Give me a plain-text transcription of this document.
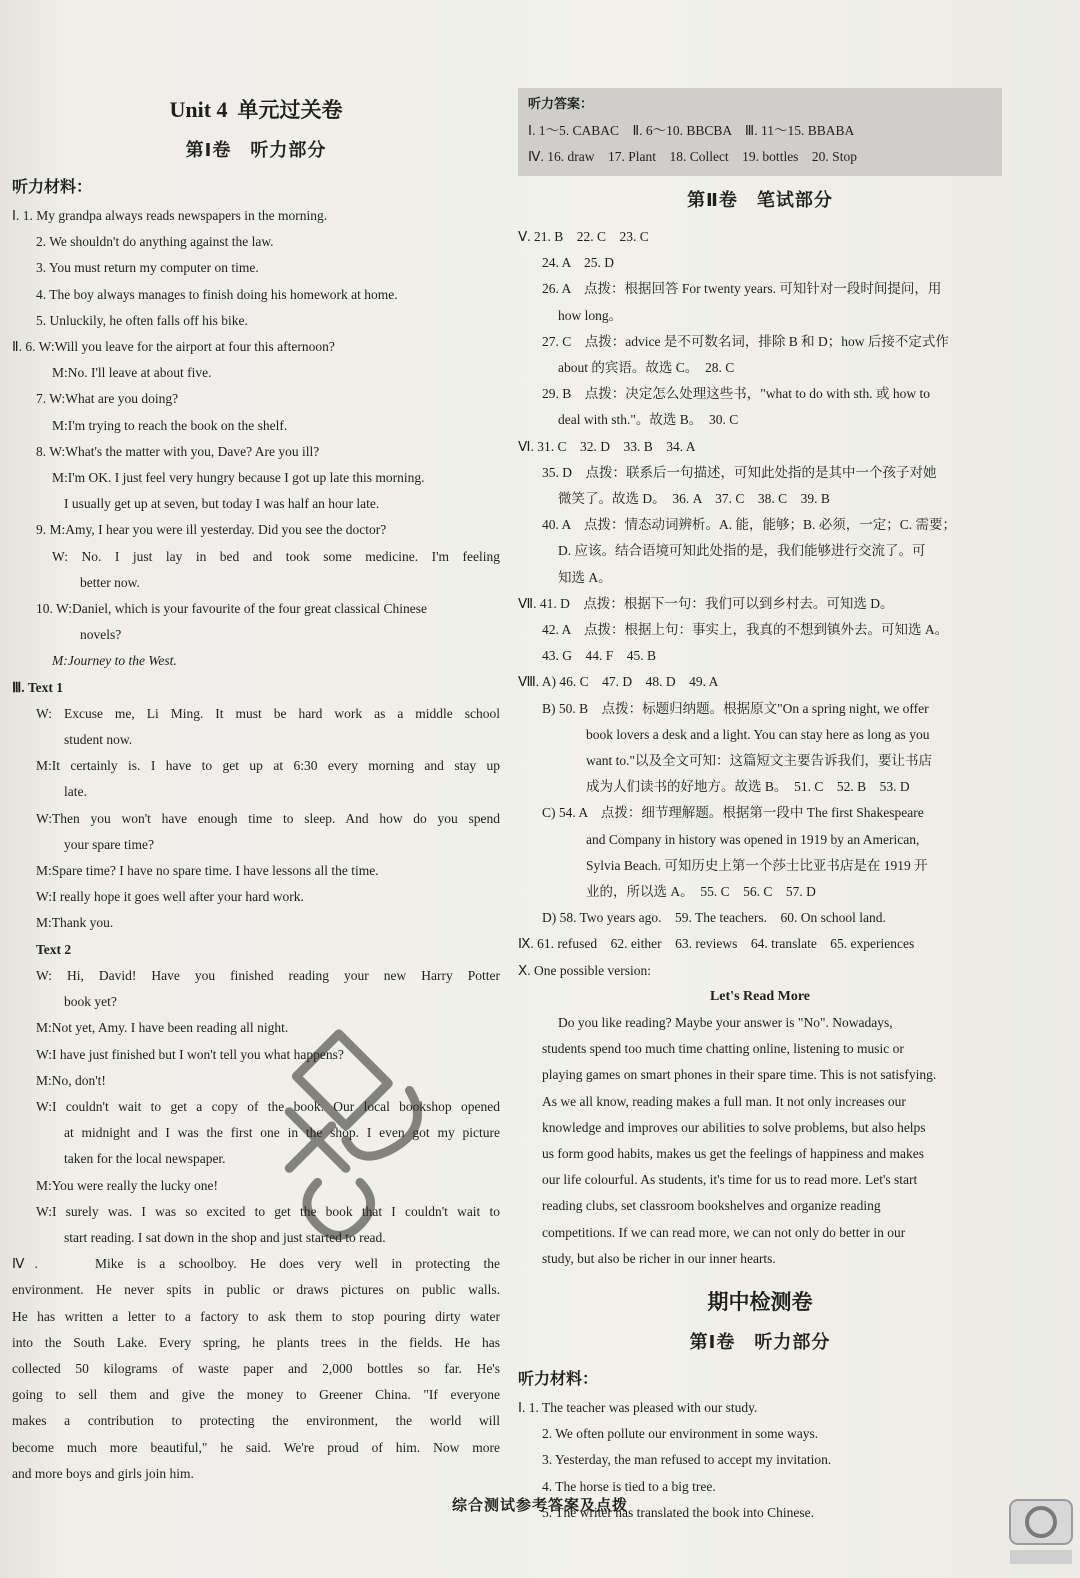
Unit 4 单元过关卷
第Ⅰ卷　听力部分
听力材料：
Ⅰ. 1. My grandpa always reads newspapers in the morning.
2. We shouldn't do anything against the law.
3. You must return my computer on time.
4. The boy always manages to finish doing his homework at home.
5. Unluckily, he often falls off his bike.
Ⅱ. 6. W:Will you leave for the airport at four this afternoon?
M:No. I'll leave at about five.
7. W:What are you doing?
M:I'm trying to reach the book on the shelf.
8. W:What's the matter with you, Dave? Are you ill?
M:I'm OK. I just feel very hungry because I got up late this morning.
I usually get up at seven, but today I was half an hour late.
9. M:Amy, I hear you were ill yesterday. Did you see the doctor?
W: No. I just lay in bed and took some medicine. I'm feeling
better now.
10. W:Daniel, which is your favourite of the four great classical Chinese
novels?
M:Journey to the West.
Ⅲ. Text 1
W: Excuse me, Li Ming. It must be hard work as a middle school
student now.
M:It certainly is. I have to get up at 6:30 every morning and stay up
late.
W:Then you won't have enough time to sleep. And how do you spend
your spare time?
M:Spare time? I have no spare time. I have lessons all the time.
W:I really hope it goes well after your hard work.
M:Thank you.
Text 2
W: Hi, David! Have you finished reading your new Harry Potter
book yet?
M:Not yet, Amy. I have been reading all night.
W:I have just finished but I won't tell you what happens?
M:No, don't!
W:I couldn't wait to get a copy of the book. Our local bookshop opened
at midnight and I was the first one in the shop. I even got my picture
taken for the local newspaper.
M:You were really the lucky one!
W:I surely was. I was so excited to get the book that I couldn't wait to
start reading. I sat down in the shop and just started to read.
Ⅳ.　　Mike is a schoolboy. He does very well in protecting the
environment. He never spits in public or draws pictures on public walls.
He has written a letter to a factory to ask them to stop pouring dirty water
into the South Lake. Every spring, he plants trees in the fields. He has
collected 50 kilograms of waste paper and 2,000 bottles so far. He's
going to sell them and give the money to Greener China. "If everyone
makes a contribution to protecting the environment, the world will
become much more beautiful," he said. We're proud of him. Now more
and more boys and girls join him.
听力答案：
Ⅰ. 1～5. CABAC　Ⅱ. 6～10. BBCBA　Ⅲ. 11～15. BBABA
Ⅳ. 16. draw　17. Plant　18. Collect　19. bottles　20. Stop
第Ⅱ卷　笔试部分
Ⅴ. 21. B　22. C　23. C
24. A　25. D
26. A　点拨：根据回答 For twenty years. 可知针对一段时间提问，用
how long。
27. C　点拨：advice 是不可数名词，排除 B 和 D；how 后接不定式作
about 的宾语。故选 C。　28. C
29. B　点拨：决定怎么处理这些书，"what to do with sth. 或 how to
deal with sth."。故选 B。　30. C
Ⅵ. 31. C　32. D　33. B　34. A
35. D　点拨：联系后一句描述，可知此处指的是其中一个孩子对她
微笑了。故选 D。　36. A　37. C　38. C　39. B
40. A　点拨：情态动词辨析。A. 能，能够；B. 必须，一定；C. 需要；
D. 应该。结合语境可知此处指的是，我们能够进行交流了。可
知选 A。
Ⅶ. 41. D　点拨：根据下一句：我们可以到乡村去。可知选 D。
42. A　点拨：根据上句：事实上，我真的不想到镇外去。可知选 A。
43. G　44. F　45. B
Ⅷ. A) 46. C　47. D　48. D　49. A
B) 50. B　点拨：标题归纳题。根据原文"On a spring night, we offer
book lovers a desk and a light. You can stay here as long as you
want to."以及全文可知：这篇短文主要告诉我们，要让书店
成为人们读书的好地方。故选 B。　51. C　52. B　53. D
C) 54. A　点拨：细节理解题。根据第一段中 The first Shakespeare
and Company in history was opened in 1919 by an American,
Sylvia Beach. 可知历史上第一个莎士比亚书店是在 1919 开
业的，所以选 A。　55. C　56. C　57. D
D) 58. Two years ago.　59. The teachers.　60. On school land.
Ⅸ. 61. refused　62. either　63. reviews　64. translate　65. experiences
Ⅹ. One possible version:
Let's Read More
Do you like reading? Maybe your answer is "No". Nowadays,
students spend too much time chatting online, listening to music or
playing games on smart phones in their spare time. This is not satisfying.
As we all know, reading makes a full man. It not only increases our
knowledge and improves our abilities to solve problems, but also helps
us form good habits, makes us get the feelings of happiness and makes
our life colourful. As students, it's time for us to read more. Let's start
reading clubs, set classroom bookshelves and organize reading
competitions. If we can read more, we can not only do better in our
study, but also be richer in our inner hearts.
期中检测卷
第Ⅰ卷　听力部分
听力材料：
Ⅰ. 1. The teacher was pleased with our study.
2. We often pollute our environment in some ways.
3. Yesterday, the man refused to accept my invitation.
4. The horse is tied to a big tree.
5. The writer has translated the book into Chinese.
综合测试参考答案及点拨
